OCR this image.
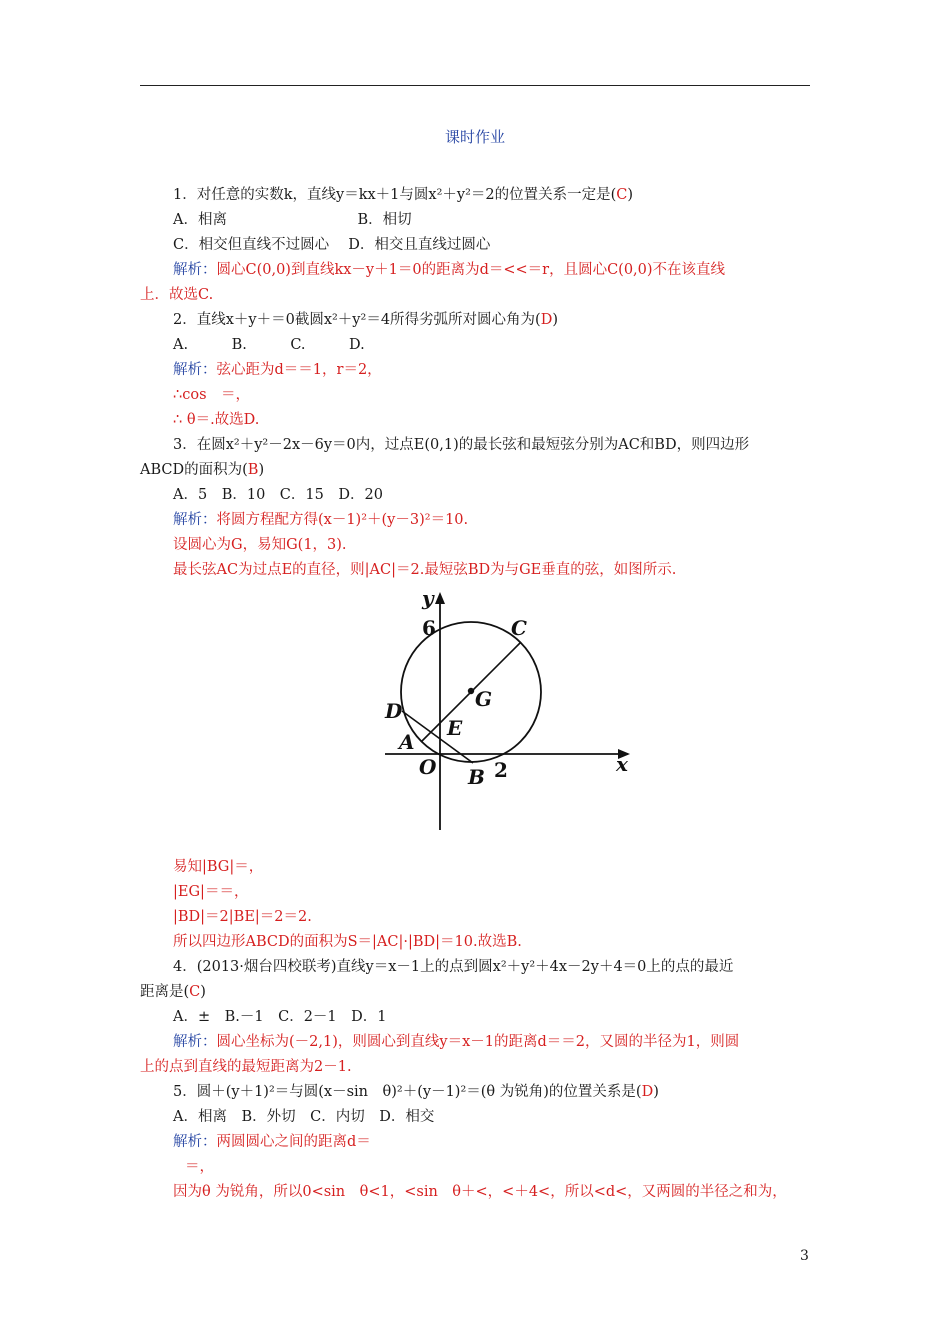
课时作业
1．对任意的实数k，直线y＝kx＋1与圆x²＋y²＝2的位置关系一定是(C)
A．相离　　　　　　　　　B．相切
C．相交但直线不过圆心　 D．相交且直线过圆心
解析：圆心C(0,0)到直线kx－y＋1＝0的距离为d＝<<＝r，且圆心C(0,0)不在该直线
上．故选C.
2．直线x＋y＋＝0截圆x²＋y²＝4所得劣弧所对圆心角为(D)
A.　　　B.　　　C.　　　D.
解析：弦心距为d＝＝1，r＝2，
∴cos　＝，
∴ θ＝.故选D.
3．在圆x²＋y²－2x－6y＝0内，过点E(0,1)的最长弦和最短弦分别为AC和BD，则四边形
ABCD的面积为(B)
A．5　B．10　C．15　D．20
解析：将圆方程配方得(x－1)²＋(y－3)²＝10.
设圆心为G，易知G(1，3).
最长弦AC为过点E的直径，则|AC|＝2.最短弦BD为与GE垂直的弦，如图所示.
易知|BG|＝，
|EG|＝＝，
|BD|＝2|BE|＝2＝2.
所以四边形ABCD的面积为S＝|AC|·|BD|＝10.故选B.
4．(2013·烟台四校联考)直线y＝x－1上的点到圆x²＋y²＋4x－2y＋4＝0上的点的最近
距离是(C)
A．±　B.－1　C．2－1　D．1
解析：圆心坐标为(－2,1)，则圆心到直线y＝x－1的距离d＝＝2，又圆的半径为1，则圆
上的点到直线的最短距离为2－1.
5．圆＋(y＋1)²＝与圆(x－sin　θ)²＋(y－1)²＝(θ 为锐角)的位置关系是(D)
A．相离　B．外切　C．内切　D．相交
解析：两圆圆心之间的距离d＝
＝，
因为θ 为锐角，所以0<sin　θ<1，<sin　θ＋<，<＋4<，所以<d<，又两圆的半径之和为，
y
6	C
G
D
E
A
O B 2	x
3
